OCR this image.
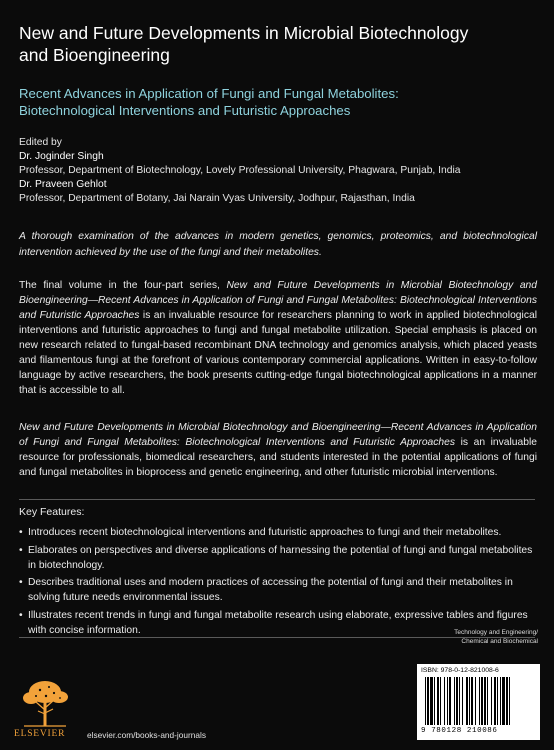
New and Future Developments in Microbial Biotechnology
and Bioengineering
Recent Advances in Application of Fungi and Fungal Metabolites:
Biotechnological Interventions and Futuristic Approaches
Edited by
Dr. Joginder Singh
Professor, Department of Biotechnology, Lovely Professional University, Phagwara, Punjab, India
Dr. Praveen Gehlot
Professor, Department of Botany, Jai Narain Vyas University, Jodhpur, Rajasthan, India
A thorough examination of the advances in modern genetics, genomics, proteomics, and biotechnological intervention achieved by the use of the fungi and their metabolites.

The final volume in the four-part series, New and Future Developments in Microbial Biotechnology and Bioengineering—Recent Advances in Application of Fungi and Fungal Metabolites: Biotechnological Interventions and Futuristic Approaches is an invaluable resource for researchers planning to work in applied biotechnological interventions and futuristic approaches to fungi and fungal metabolite utilization. Special emphasis is placed on new research related to fungal-based recombinant DNA technology and genomics analysis, which placed yeasts and filamentous fungi at the forefront of various contemporary commercial applications. Written in easy-to-follow language by active researchers, the book presents cutting-edge fungal biotechnological applications in a manner that is accessible to all.

New and Future Developments in Microbial Biotechnology and Bioengineering—Recent Advances in Application of Fungi and Fungal Metabolites: Biotechnological Interventions and Futuristic Approaches is an invaluable resource for professionals, biomedical researchers, and students interested in the potential applications of fungi and fungal metabolites in bioprocess and genetic engineering, and other futuristic microbial interventions.

Key Features:
• Introduces recent biotechnological interventions and futuristic approaches to fungi and their metabolites.
• Elaborates on perspectives and diverse applications of harnessing the potential of fungi and fungal metabolites in biotechnology.
• Describes traditional uses and modern practices of accessing the potential of fungi and their metabolites in solving future needs environmental issues.
• Illustrates recent trends in fungi and fungal metabolite research using elaborate, expressive tables and figures with concise information.	Technology and Engineering/
Chemical and Biochemical
ISBN: 978-0-12-821008-6
9 780128 210086
ELSEVIER	elsevier.com/books-and-journals
